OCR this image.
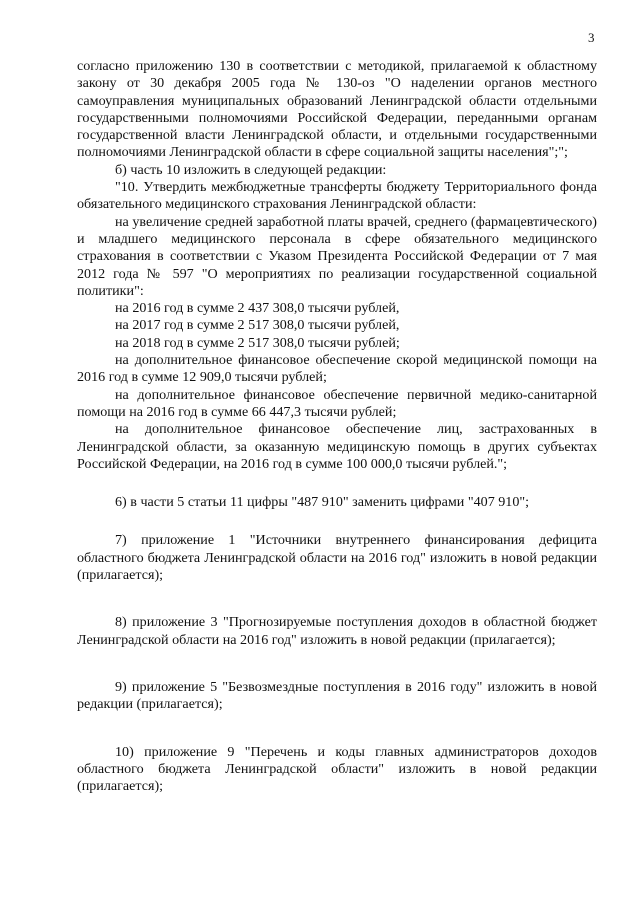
3

согласно приложению 130 в соответствии с методикой, прилагаемой к областному закону от 30 декабря 2005 года № 130-оз "О наделении органов местного самоуправления муниципальных образований Ленинградской области отдельными государственными полномочиями Российской Федерации, переданными органам государственной власти Ленинградской области, и отдельными государственными полномочиями Ленинградской области в сфере социальной защиты населения";";

б) часть 10 изложить в следующей редакции:

"10. Утвердить межбюджетные трансферты бюджету Территориального фонда обязательного медицинского страхования Ленинградской области:

на увеличение средней заработной платы врачей, среднего (фармацевтического) и младшего медицинского персонала в сфере обязательного медицинского страхования в соответствии с Указом Президента Российской Федерации от 7 мая 2012 года № 597 "О мероприятиях по реализации государственной социальной политики":

на 2016 год в сумме 2 437 308,0 тысячи рублей,

на 2017 год в сумме 2 517 308,0 тысячи рублей,

на 2018 год в сумме 2 517 308,0 тысячи рублей;

на дополнительное финансовое обеспечение скорой медицинской помощи на 2016 год в сумме 12 909,0 тысячи рублей;

на дополнительное финансовое обеспечение первичной медико-санитарной помощи на 2016 год в сумме 66 447,3 тысячи рублей;

на дополнительное финансовое обеспечение лиц, застрахованных в Ленинградской области, за оказанную медицинскую помощь в других субъектах Российской Федерации, на 2016 год в сумме 100 000,0 тысячи рублей.";

6) в части 5 статьи 11 цифры "487 910" заменить цифрами "407 910";

7) приложение 1 "Источники внутреннего финансирования дефицита областного бюджета Ленинградской области на 2016 год" изложить в новой редакции (прилагается);

8) приложение 3 "Прогнозируемые поступления доходов в областной бюджет Ленинградской области на 2016 год" изложить в новой редакции (прилагается);

9) приложение 5 "Безвозмездные поступления в 2016 году" изложить в новой редакции (прилагается);

10) приложение 9 "Перечень и коды главных администраторов доходов областного бюджета Ленинградской области" изложить в новой редакции (прилагается);
